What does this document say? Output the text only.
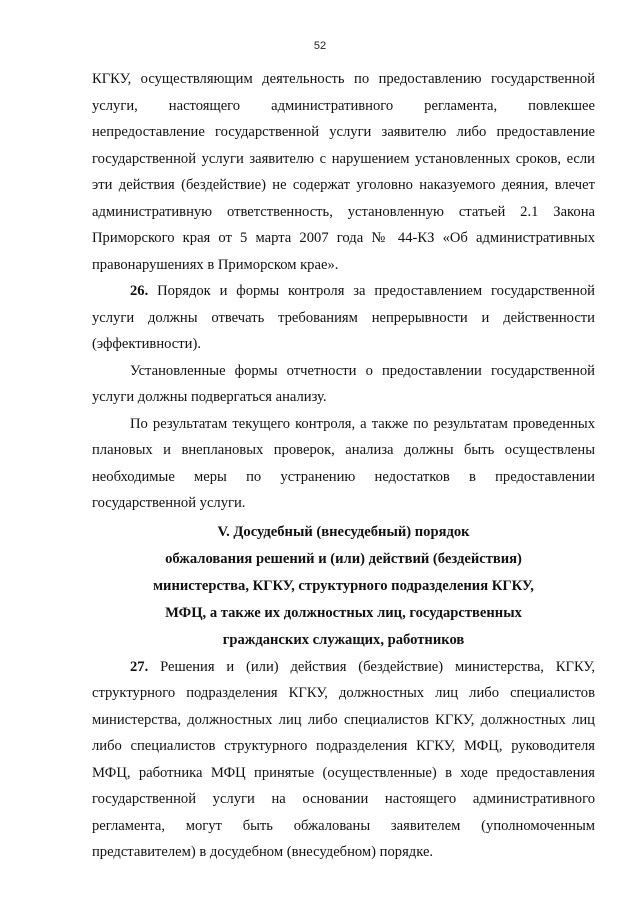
52

КГКУ, осуществляющим деятельность по предоставлению государственной услуги, настоящего административного регламента, повлекшее непредоставление государственной услуги заявителю либо предоставление государственной услуги заявителю с нарушением установленных сроков, если эти действия (бездействие) не содержат уголовно наказуемого деяния, влечет административную ответственность, установленную статьей 2.1 Закона Приморского края от 5 марта 2007 года № 44-КЗ «Об административных правонарушениях в Приморском крае».

26. Порядок и формы контроля за предоставлением государственной услуги должны отвечать требованиям непрерывности и действенности (эффективности).

Установленные формы отчетности о предоставлении государственной услуги должны подвергаться анализу.

По результатам текущего контроля, а также по результатам проведенных плановых и внеплановых проверок, анализа должны быть осуществлены необходимые меры по устранению недостатков в предоставлении государственной услуги.

V. Досудебный (внесудебный) порядок
обжалования решений и (или) действий (бездействия)
министерства, КГКУ, структурного подразделения КГКУ,
МФЦ, а также их должностных лиц, государственных
гражданских служащих, работников

27. Решения и (или) действия (бездействие) министерства, КГКУ, структурного подразделения КГКУ, должностных лиц либо специалистов министерства, должностных лиц либо специалистов КГКУ, должностных лиц либо специалистов структурного подразделения КГКУ, МФЦ, руководителя МФЦ, работника МФЦ принятые (осуществленные) в ходе предоставления государственной услуги на основании настоящего административного регламента, могут быть обжалованы заявителем (уполномоченным представителем) в досудебном (внесудебном) порядке.
